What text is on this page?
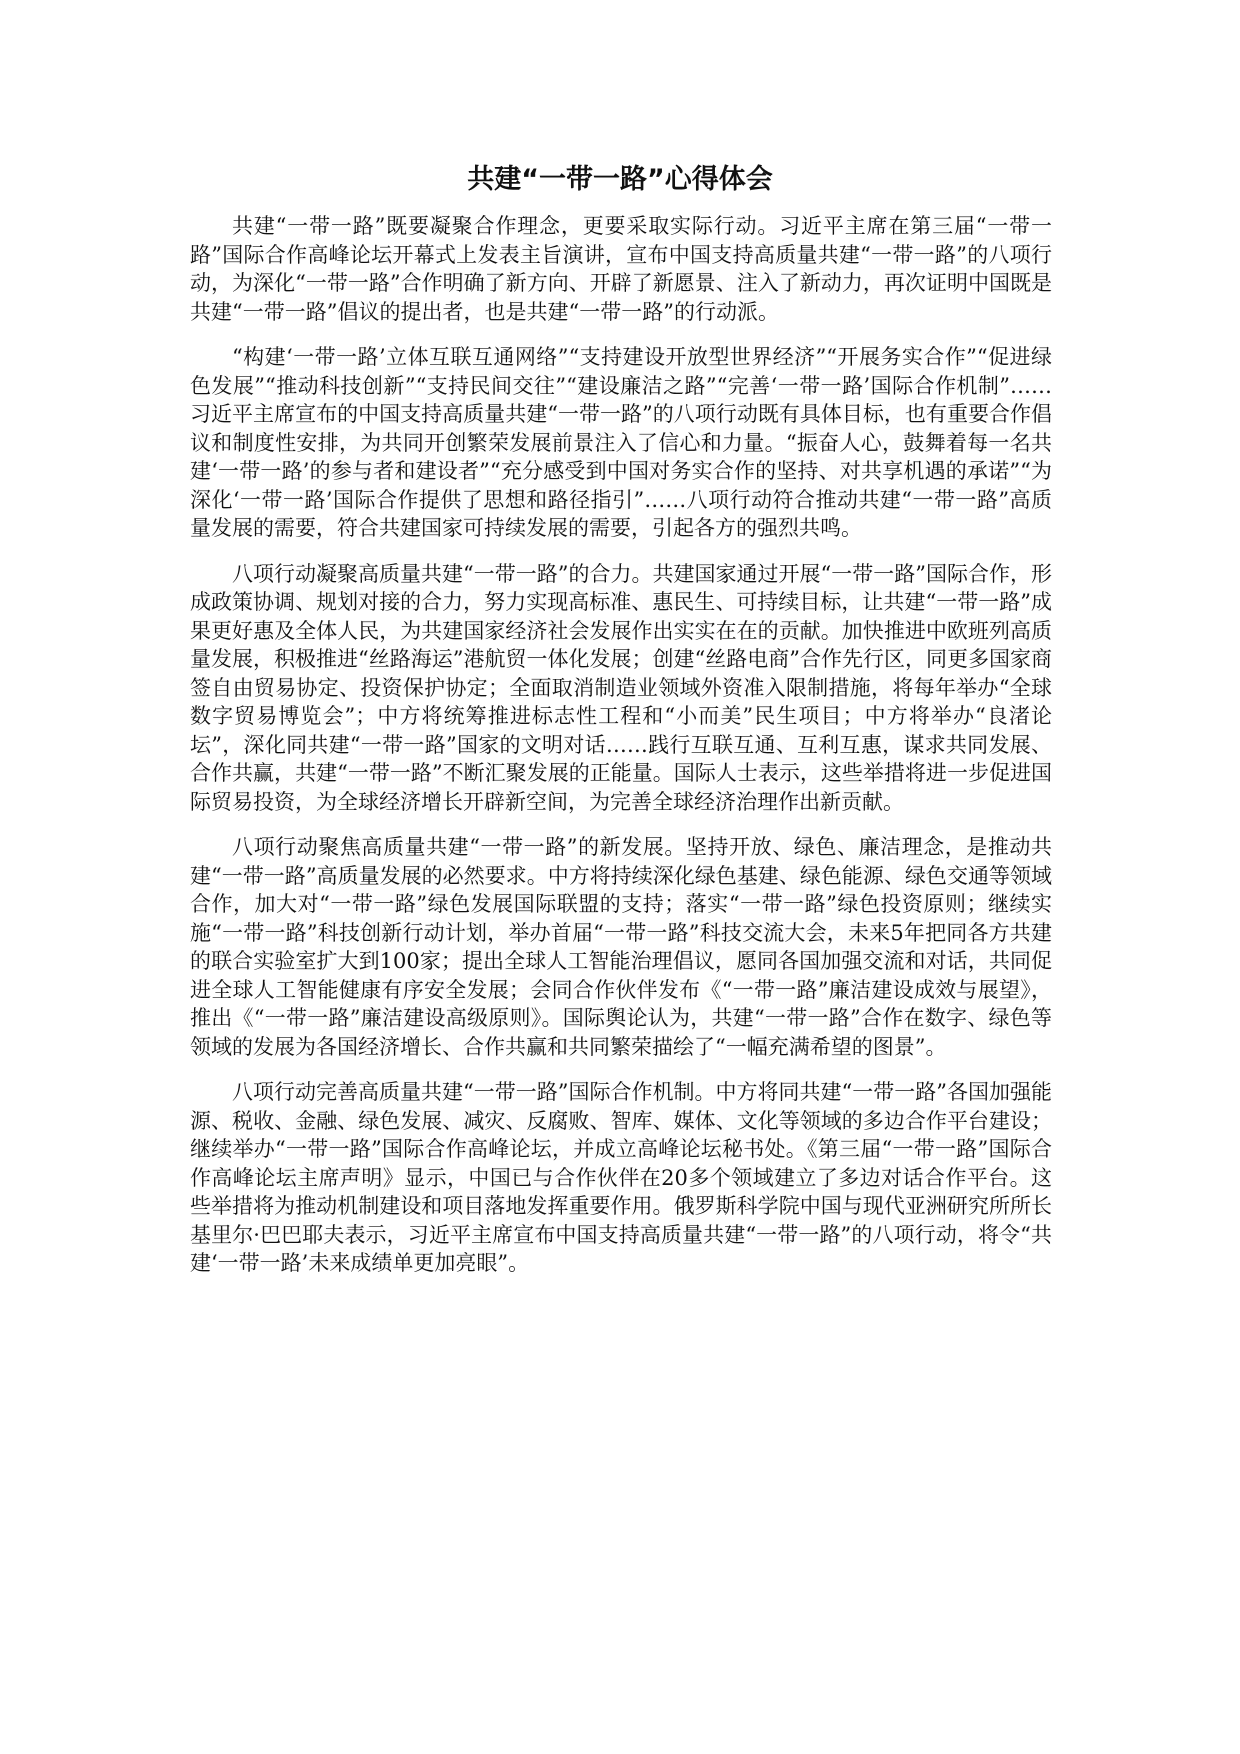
共建“一带一路”心得体会

共建“一带一路”既要凝聚合作理念，更要采取实际行动。习近平主席在第三届“一带一路”国际合作高峰论坛开幕式上发表主旨演讲，宣布中国支持高质量共建“一带一路”的八项行动，为深化“一带一路”合作明确了新方向、开辟了新愿景、注入了新动力，再次证明中国既是共建“一带一路”倡议的提出者，也是共建“一带一路”的行动派。

“构建‘一带一路’立体互联互通网络”“支持建设开放型世界经济”“开展务实合作”“促进绿色发展”“推动科技创新”“支持民间交往”“建设廉洁之路”“完善‘一带一路’国际合作机制”……习近平主席宣布的中国支持高质量共建“一带一路”的八项行动既有具体目标，也有重要合作倡议和制度性安排，为共同开创繁荣发展前景注入了信心和力量。“振奋人心，鼓舞着每一名共建‘一带一路’的参与者和建设者”“充分感受到中国对务实合作的坚持、对共享机遇的承诺”“为深化‘一带一路’国际合作提供了思想和路径指引”……八项行动符合推动共建“一带一路”高质量发展的需要，符合共建国家可持续发展的需要，引起各方的强烈共鸣。

八项行动凝聚高质量共建“一带一路”的合力。共建国家通过开展“一带一路”国际合作，形成政策协调、规划对接的合力，努力实现高标准、惠民生、可持续目标，让共建“一带一路”成果更好惠及全体人民，为共建国家经济社会发展作出实实在在的贡献。加快推进中欧班列高质量发展，积极推进“丝路海运”港航贸一体化发展；创建“丝路电商”合作先行区，同更多国家商签自由贸易协定、投资保护协定；全面取消制造业领域外资准入限制措施，将每年举办“全球数字贸易博览会”；中方将统筹推进标志性工程和“小而美”民生项目；中方将举办“良渚论坛”，深化同共建“一带一路”国家的文明对话……践行互联互通、互利互惠，谋求共同发展、合作共赢，共建“一带一路”不断汇聚发展的正能量。国际人士表示，这些举措将进一步促进国际贸易投资，为全球经济增长开辟新空间，为完善全球经济治理作出新贡献。

八项行动聚焦高质量共建“一带一路”的新发展。坚持开放、绿色、廉洁理念，是推动共建“一带一路”高质量发展的必然要求。中方将持续深化绿色基建、绿色能源、绿色交通等领域合作，加大对“一带一路”绿色发展国际联盟的支持；落实“一带一路”绿色投资原则；继续实施“一带一路”科技创新行动计划，举办首届“一带一路”科技交流大会，未来5年把同各方共建的联合实验室扩大到100家；提出全球人工智能治理倡议，愿同各国加强交流和对话，共同促进全球人工智能健康有序安全发展；会同合作伙伴发布《“一带一路”廉洁建设成效与展望》，推出《“一带一路”廉洁建设高级原则》。国际舆论认为，共建“一带一路”合作在数字、绿色等领域的发展为各国经济增长、合作共赢和共同繁荣描绘了“一幅充满希望的图景”。

八项行动完善高质量共建“一带一路”国际合作机制。中方将同共建“一带一路”各国加强能源、税收、金融、绿色发展、减灾、反腐败、智库、媒体、文化等领域的多边合作平台建设；继续举办“一带一路”国际合作高峰论坛，并成立高峰论坛秘书处。《第三届“一带一路”国际合作高峰论坛主席声明》显示，中国已与合作伙伴在20多个领域建立了多边对话合作平台。这些举措将为推动机制建设和项目落地发挥重要作用。俄罗斯科学院中国与现代亚洲研究所所长基里尔·巴巴耶夫表示，习近平主席宣布中国支持高质量共建“一带一路”的八项行动，将令“共建‘一带一路’未来成绩单更加亮眼”。
